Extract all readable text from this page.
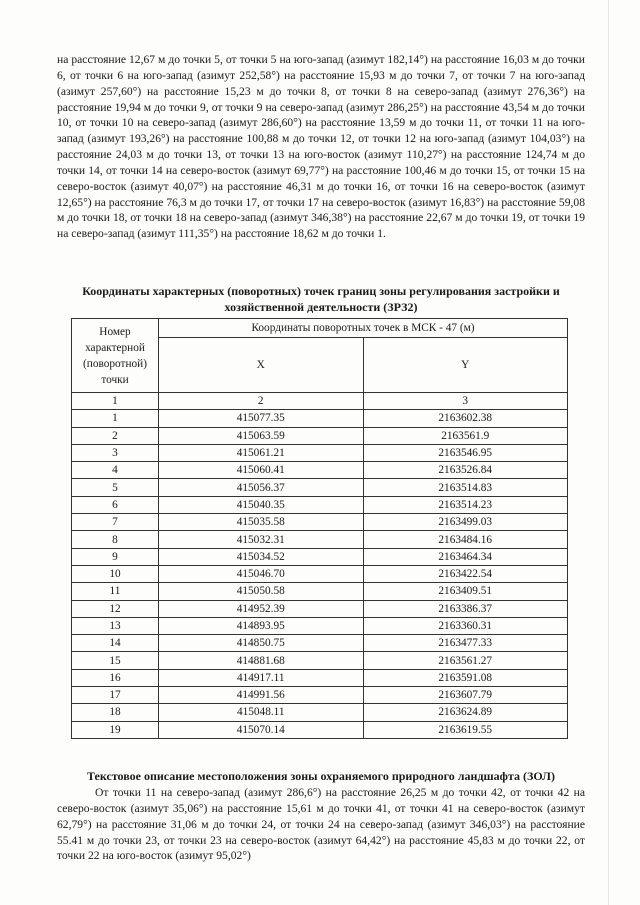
на расстояние 12,67 м до точки 5, от точки 5 на юго-запад (азимут 182,14°) на расстояние 16,03 м до точки 6, от точки 6 на юго-запад (азимут 252,58°) на расстояние 15,93 м до точки 7, от точки 7 на юго-запад (азимут 257,60°) на расстояние 15,23 м до точки 8, от точки 8 на северо-запад (азимут 276,36°) на расстояние 19,94 м до точки 9, от точки 9 на северо-запад (азимут 286,25°) на расстояние 43,54 м до точки 10, от точки 10 на северо-запад (азимут 286,60°) на расстояние 13,59 м до точки 11, от точки 11 на юго-запад (азимут 193,26°) на расстояние 100,88 м до точки 12, от точки 12 на юго-запад (азимут 104,03°) на расстояние 24,03 м до точки 13, от точки 13 на юго-восток (азимут 110,27°) на расстояние 124,74 м до точки 14, от точки 14 на северо-восток (азимут 69,77°) на расстояние 100,46 м до точки 15, от точки 15 на северо-восток (азимут 40,07°) на расстояние 46,31 м до точки 16, от точки 16 на северо-восток (азимут 12,65°) на расстояние 76,3 м до точки 17, от точки 17 на северо-восток (азимут 16,83°) на расстояние 59,08 м до точки 18, от точки 18 на северо-запад (азимут 346,38°) на расстояние 22,67 м до точки 19, от точки 19 на северо-запад (азимут 111,35°) на расстояние 18,62 м до точки 1.
Координаты характерных (поворотных) точек границ зоны регулирования застройки и хозяйственной деятельности (ЗРЗ2)
Номер характерной (поворотной) точки	Координаты поворотных точек в МСК - 47 (м)	
	X	Y
1	2	3
1	415077.35	2163602.38
2	415063.59	2163561.9
3	415061.21	2163546.95
4	415060.41	2163526.84
5	415056.37	2163514.83
6	415040.35	2163514.23
7	415035.58	2163499.03
8	415032.31	2163484.16
9	415034.52	2163464.34
10	415046.70	2163422.54
11	415050.58	2163409.51
12	414952.39	2163386.37
13	414893.95	2163360.31
14	414850.75	2163477.33
15	414881.68	2163561.27
16	414917.11	2163591.08
17	414991.56	2163607.79
18	415048.11	2163624.89
19	415070.14	2163619.55
Текстовое описание местоположения зоны охраняемого природного ландшафта (ЗОЛ)
От точки 11 на северо-запад (азимут 286,6°) на расстояние 26,25 м до точки 42, от точки 42 на северо-восток (азимут 35,06°) на расстояние 15,61 м до точки 41, от точки 41 на северо-восток (азимут 62,79°) на расстояние 31,06 м до точки 24, от точки 24 на северо-запад (азимут 346,03°) на расстояние 55.41 м до точки 23, от точки 23 на северо-восток (азимут 64,42°) на расстояние 45,83 м до точки 22, от точки 22 на юго-восток (азимут 95,02°)
